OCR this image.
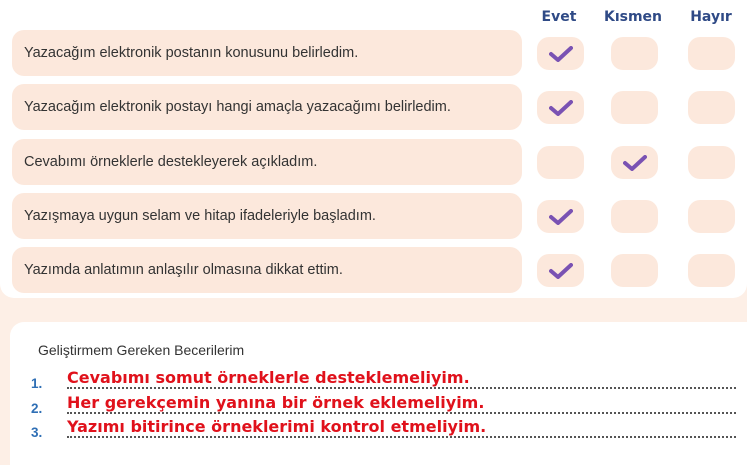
Evet	Kısmen	Hayır
Yazacağım elektronik postanın konusunu belirledim.
Yazacağım elektronik postayı hangi amaçla yazacağımı belirledim.
Cevabımı örneklerle destekleyerek açıkladım.
Yazışmaya uygun selam ve hitap ifadeleriyle başladım.
Yazımda anlatımın anlaşılır olmasına dikkat ettim.
Geliştirmem Gereken Becerilerim
1. Cevabımı somut örneklerle desteklemeliyim.
2. Her gerekçemin yanına bir örnek eklemeliyim.
3. Yazımı bitirince örneklerimi kontrol etmeliyim.
